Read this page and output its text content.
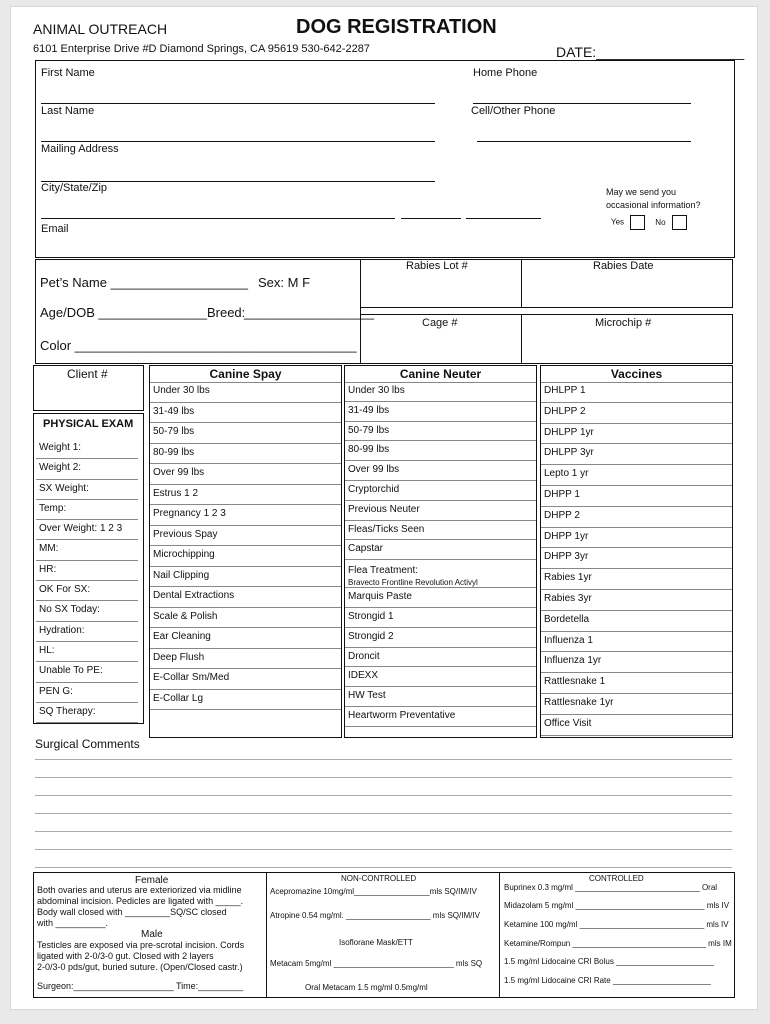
ANIMAL OUTREACH	DOG REGISTRATION
6101 Enterprise Drive #D Diamond Springs, CA 95619 530-642-2287	DATE:___________________
First Name	Home Phone
Last Name	Cell/Other Phone
Mailing Address
City/State/Zip
Email
May we send you
occasional information?
Yes	No
Pet’s Name ___________________ Sex: M F
Age/DOB _______________Breed:
__________________
Color _______________________________________
Rabies Lot #	Rabies Date
Cage #	Microchip #
Client #
PHYSICAL EXAM
Weight 1:
Weight 2:
SX Weight:
Temp:
Over Weight: 1 2 3
MM:
HR:
OK For SX:
No SX Today:
Hydration:
HL:
Unable To PE:
PEN G:
SQ Therapy:
Canine Spay
Under 30 lbs
31-49 lbs
50-79 lbs
80-99 lbs
Over 99 lbs
Estrus 1 2
Pregnancy 1 2 3
Previous Spay
Microchipping
Nail Clipping
Dental Extractions
Scale & Polish
Ear Cleaning
Deep Flush
E-Collar Sm/Med
E-Collar Lg
Canine Neuter
Under 30 lbs
31-49 lbs
50-79 lbs
80-99 lbs
Over 99 lbs
Cryptorchid
Previous Neuter
Fleas/Ticks Seen
Capstar
Flea Treatment:
Bravecto Frontline Revolution Activyl
Marquis Paste
Strongid 1
Strongid 2
Droncit
IDEXX
HW Test
Heartworm Preventative
Vaccines
DHLPP 1
DHLPP 2
DHLPP 1yr
DHLPP 3yr
Lepto 1 yr
DHPP 1
DHPP 2
DHPP 1yr
DHPP 3yr
Rabies 1yr
Rabies 3yr
Bordetella
Influenza 1
Influenza 1yr
Rattlesnake 1
Rattlesnake 1yr
Office Visit
Surgical Comments
Female
Both ovaries and uterus are exteriorized via midline
abdominal incision. Pedicles are ligated with _____.
Body wall closed with _________SQ/SC closed
with __________.
Male
Testicles are exposed via pre-scrotal incision. Cords
ligated with 2-0/3-0 gut. Closed with 2 layers
2-0/3-0 pds/gut, buried suture. (Open/Closed castr.)
Surgeon:____________________ Time:_________
NON-CONTROLLED
Acepromazine 10mg/ml_________________mls SQ/IM/IV
Atropine 0.54 mg/ml. ___________________ mls SQ/IM/IV
Isoflorane Mask/ETT
Metacam 5mg/ml ___________________________ mls SQ
Oral Metacam 1.5 mg/ml 0.5mg/ml
CONTROLLED
Buprinex 0.3 mg/ml ____________________________ Oral
Midazolam 5 mg/ml _____________________________ mls IV
Ketamine 100 mg/ml ____________________________ mls IV
Ketamine/Rompun ______________________________ mls IM
1.5 mg/ml Lidocaine CRI Bolus ______________________
1.5 mg/ml Lidocaine CRI Rate ______________________
